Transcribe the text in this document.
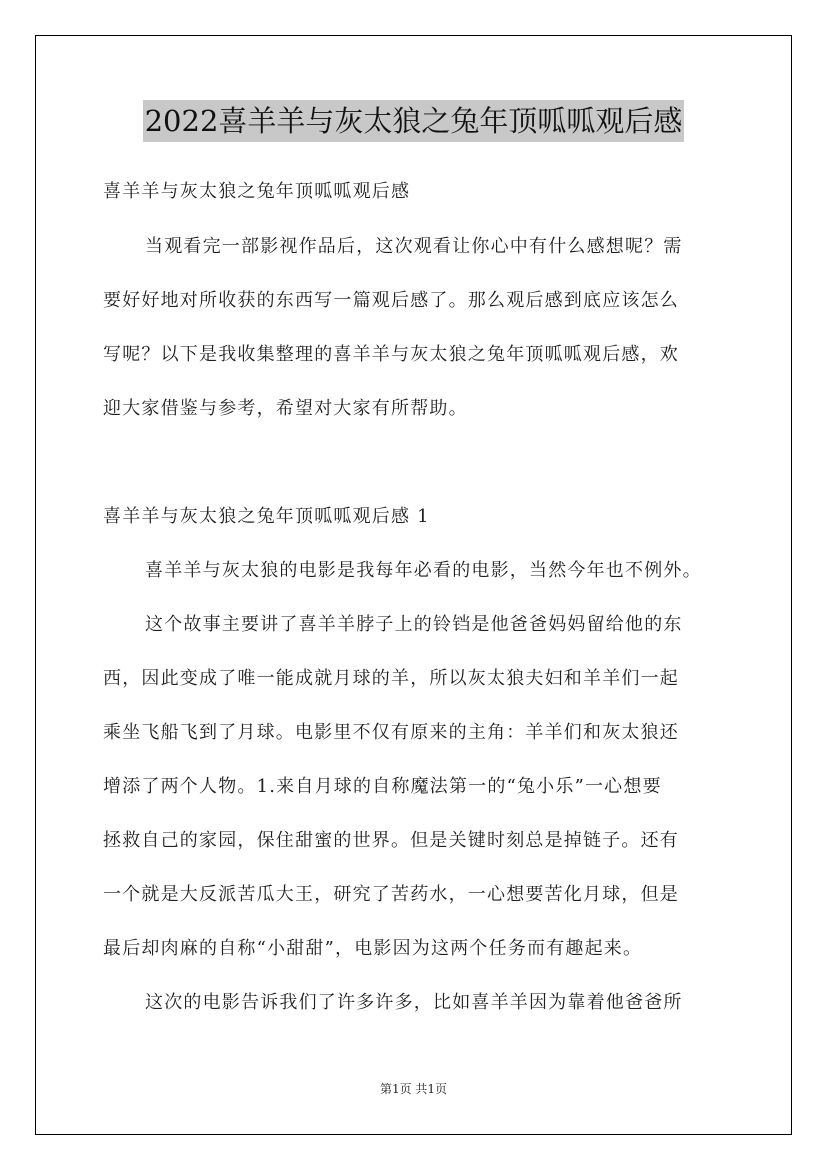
2022喜羊羊与灰太狼之兔年顶呱呱观后感
喜羊羊与灰太狼之兔年顶呱呱观后感
当观看完一部影视作品后，这次观看让你心中有什么感想呢？需
要好好地对所收获的东西写一篇观后感了。那么观后感到底应该怎么
写呢？以下是我收集整理的喜羊羊与灰太狼之兔年顶呱呱观后感，欢
迎大家借鉴与参考，希望对大家有所帮助。
喜羊羊与灰太狼之兔年顶呱呱观后感 1
喜羊羊与灰太狼的电影是我每年必看的电影，当然今年也不例外。
这个故事主要讲了喜羊羊脖子上的铃铛是他爸爸妈妈留给他的东
西，因此变成了唯一能成就月球的羊，所以灰太狼夫妇和羊羊们一起
乘坐飞船飞到了月球。电影里不仅有原来的主角：羊羊们和灰太狼还
增添了两个人物。1.来自月球的自称魔法第一的“兔小乐”一心想要
拯救自己的家园，保住甜蜜的世界。但是关键时刻总是掉链子。还有
一个就是大反派苦瓜大王，研究了苦药水，一心想要苦化月球，但是
最后却肉麻的自称“小甜甜”，电影因为这两个任务而有趣起来。
这次的电影告诉我们了许多许多，比如喜羊羊因为靠着他爸爸所
第1页 共1页
